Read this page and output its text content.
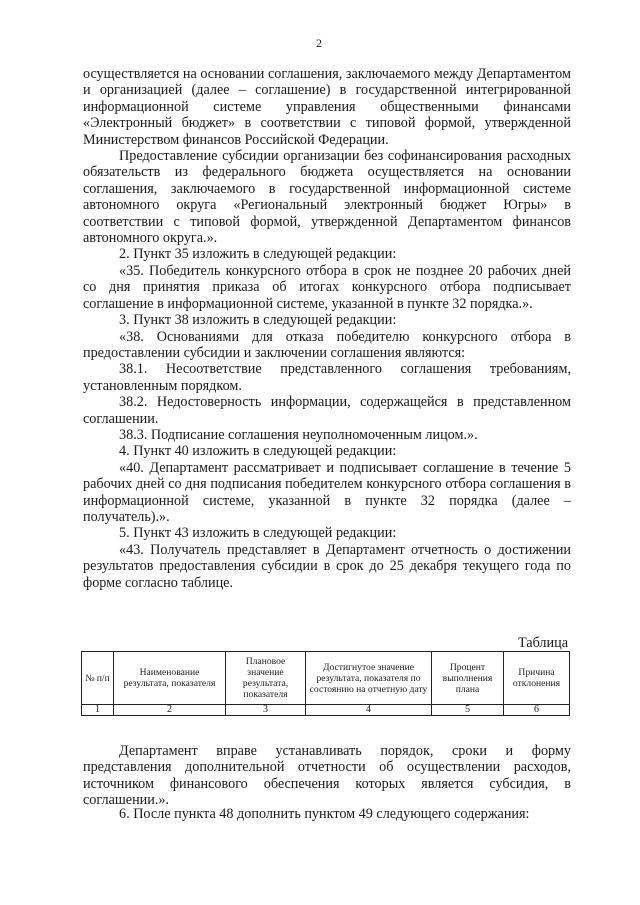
2

осуществляется на основании соглашения, заключаемого между Департаментом и организацией (далее – соглашение) в государственной интегрированной информационной системе управления общественными финансами «Электронный бюджет» в соответствии с типовой формой, утвержденной Министерством финансов Российской Федерации.

Предоставление субсидии организации без софинансирования расходных обязательств из федерального бюджета осуществляется на основании соглашения, заключаемого в государственной информационной системе автономного округа «Региональный электронный бюджет Югры» в соответствии с типовой формой, утвержденной Департаментом финансов автономного округа.».

2. Пункт 35 изложить в следующей редакции:

«35. Победитель конкурсного отбора в срок не позднее 20 рабочих дней со дня принятия приказа об итогах конкурсного отбора подписывает соглашение в информационной системе, указанной в пункте 32 порядка.».

3. Пункт 38 изложить в следующей редакции:

«38. Основаниями для отказа победителю конкурсного отбора в предоставлении субсидии и заключении соглашения являются:

38.1. Несоответствие представленного соглашения требованиям, установленным порядком.

38.2. Недостоверность информации, содержащейся в представленном соглашении.

38.3. Подписание соглашения неуполномоченным лицом.».

4. Пункт 40 изложить в следующей редакции:

«40. Департамент рассматривает и подписывает соглашение в течение 5 рабочих дней со дня подписания победителем конкурсного отбора соглашения в информационной системе, указанной в пункте 32 порядка (далее – получатель).».

5. Пункт 43 изложить в следующей редакции:

«43. Получатель представляет в Департамент отчетность о достижении результатов предоставления субсидии в срок до 25 декабря текущего года по форме согласно таблице.

Таблица
№ п/п	Наименование результата, показателя	Плановое значение результата, показателя	Достигнутое значение результата, показателя по состоянию на отчетную дату	Процент выполнения плана	Причина отклонения
1	2	3	4	5	6

Департамент вправе устанавливать порядок, сроки и форму представления дополнительной отчетности об осуществлении расходов, источником финансового обеспечения которых является субсидия, в соглашении.».

6. После пункта 48 дополнить пунктом 49 следующего содержания:
